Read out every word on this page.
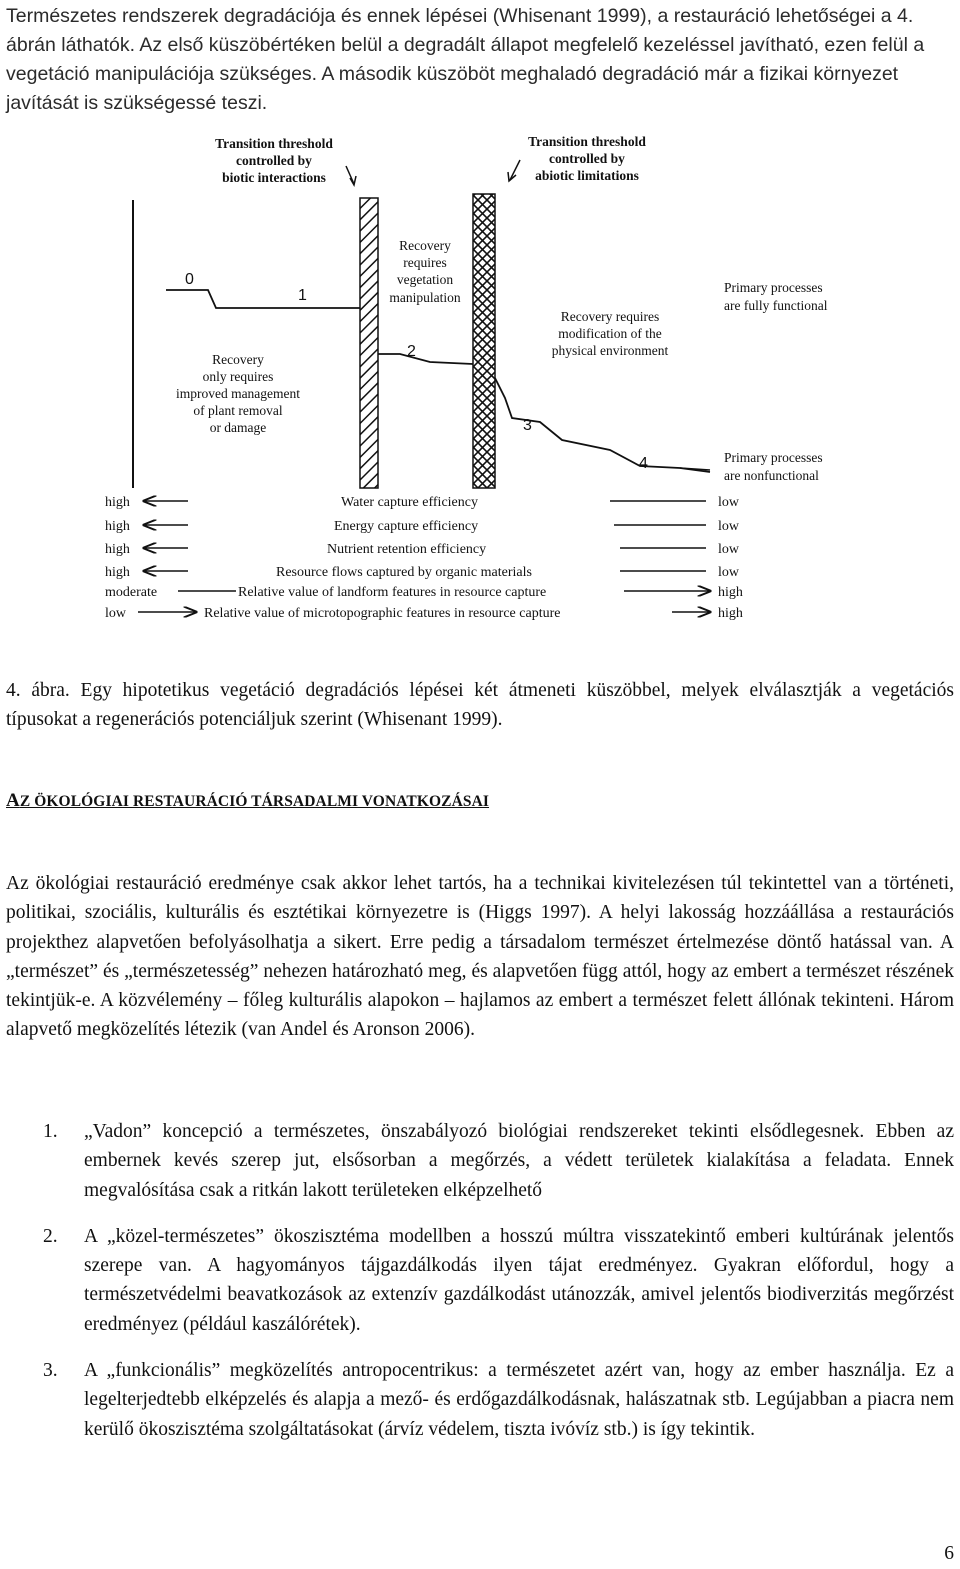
Természetes rendszerek degradációja és ennek lépései (Whisenant 1999), a restauráció lehetőségei a 4. ábrán láthatók. Az első küszöbértéken belül a degradált állapot megfelelő kezeléssel javítható, ezen felül a vegetáció manipulációja szükséges. A második küszöböt meghaladó degradáció már a fizikai környezet javítását is szükségessé teszi.

Transition threshold
controlled by
biotic interactions
Transition threshold
controlled by
abiotic limitations
0
1
2
3
4
Recovery
only requires
improved management
of plant removal
or damage
Recovery
requires
vegetation
manipulation
Recovery requires
modification of the
physical environment
Primary processes
are fully functional
Primary processes
are nonfunctional
high	Water capture efficiency	low
high	Energy capture efficiency	low
high	Nutrient retention efficiency	low
high	Resource flows captured by organic materials	low
moderate	Relative value of landform features in resource capture	high
low	Relative value of microtopographic features in resource capture	high

4. ábra. Egy hipotetikus vegetáció degradációs lépései két átmeneti küszöbbel, melyek elválasztják a vegetációs típusokat a regenerációs potenciáljuk szerint (Whisenant 1999).

AZ ÖKOLÓGIAI RESTAURÁCIÓ TÁRSADALMI VONATKOZÁSAI

Az ökológiai restauráció eredménye csak akkor lehet tartós, ha a technikai kivitelezésen túl tekintettel van a történeti, politikai, szociális, kulturális és esztétikai környezetre is (Higgs 1997). A helyi lakosság hozzáállása a restaurációs projekthez alapvetően befolyásolhatja a sikert. Erre pedig a társadalom természet értelmezése döntő hatással van. A „természet” és „természetesség” nehezen határozható meg, és alapvetően függ attól, hogy az embert a természet részének tekintjük-e. A közvélemény – főleg kulturális alapokon – hajlamos az embert a természet felett állónak tekinteni. Három alapvető megközelítés létezik (van Andel és Aronson 2006).

1. „Vadon” koncepció a természetes, önszabályozó biológiai rendszereket tekinti elsődlegesnek. Ebben az embernek kevés szerep jut, elsősorban a megőrzés, a védett területek kialakítása a feladata. Ennek megvalósítása csak a ritkán lakott területeken elképzelhető
2. A „közel-természetes” ökoszisztéma modellben a hosszú múltra visszatekintő emberi kultúrának jelentős szerepe van. A hagyományos tájgazdálkodás ilyen tájat eredményez. Gyakran előfordul, hogy a természetvédelmi beavatkozások az extenzív gazdálkodást utánozzák, amivel jelentős biodiverzitás megőrzést eredményez (például kaszálórétek).
3. A „funkcionális” megközelítés antropocentrikus: a természetet azért van, hogy az ember használja. Ez a legelterjedtebb elképzelés és alapja a mező- és erdőgazdálkodásnak, halászatnak stb. Legújabban a piacra nem kerülő ökoszisztéma szolgáltatásokat (árvíz védelem, tiszta ivóvíz stb.) is így tekintik.
6
